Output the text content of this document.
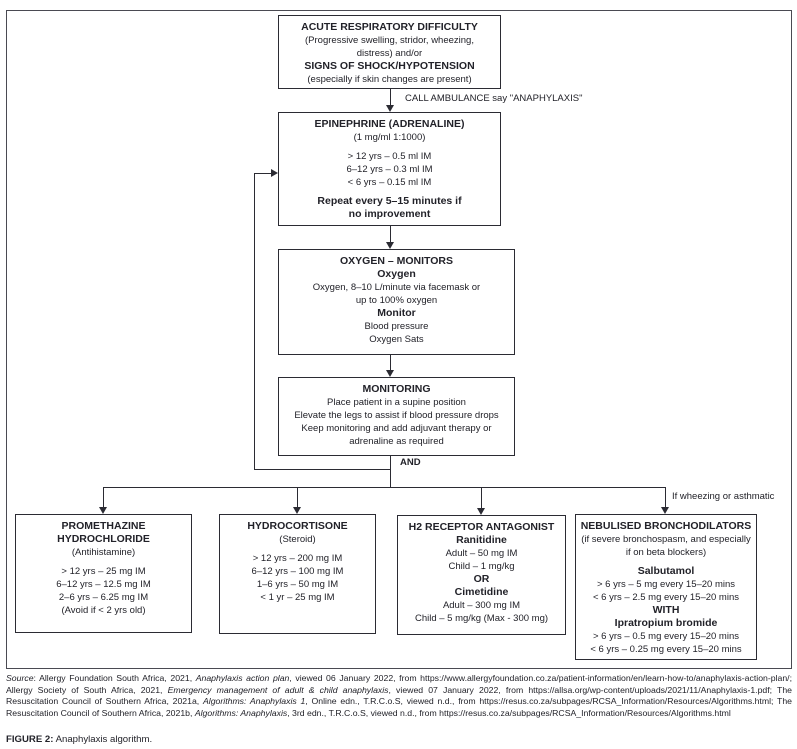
ACUTE RESPIRATORY DIFFICULTY
(Progressive swelling, stridor, wheezing,
distress) and/or
SIGNS OF SHOCK/HYPOTENSION
(especially if skin changes are present)
EPINEPHRINE (ADRENALINE)
(1 mg/ml 1:1000)
> 12 yrs – 0.5 ml IM
6–12 yrs – 0.3 ml IM
< 6 yrs – 0.15 ml IM
Repeat every 5–15 minutes if
no improvement
OXYGEN – MONITORS
Oxygen
Oxygen, 8–10 L/minute via facemask or
up to 100% oxygen
Monitor
Blood pressure
Oxygen Sats
MONITORING
Place patient in a supine position
Elevate the legs to assist if blood pressure drops
Keep monitoring and add adjuvant therapy or
adrenaline as required
PROMETHAZINE
HYDROCHLORIDE
(Antihistamine)
> 12 yrs – 25 mg IM
6–12 yrs – 12.5 mg IM
2–6 yrs – 6.25 mg IM
(Avoid if < 2 yrs old)
HYDROCORTISONE
(Steroid)
> 12 yrs – 200 mg IM
6–12 yrs – 100 mg IM
1–6 yrs – 50 mg IM
< 1 yr – 25 mg IM
H2 RECEPTOR ANTAGONIST
Ranitidine
Adult – 50 mg IM
Child – 1 mg/kg
OR
Cimetidine
Adult – 300 mg IM
Child – 5 mg/kg (Max - 300 mg)
NEBULISED BRONCHODILATORS
(if severe bronchospasm, and especially
if on beta blockers)
Salbutamol
> 6 yrs – 5 mg every 15–20 mins
< 6 yrs – 2.5 mg every 15–20 mins
WITH
Ipratropium bromide
> 6 yrs – 0.5 mg every 15–20 mins
< 6 yrs – 0.25 mg every 15–20 mins
CALL AMBULANCE say "ANAPHYLAXIS"
AND
If wheezing or asthmatic
Source: Allergy Foundation South Africa, 2021, Anaphylaxis action plan, viewed 06 January 2022, from https://www.allergyfoundation.co.za/patient-information/en/learn-how-to/anaphylaxis-action-plan/; Allergy Society of South Africa, 2021, Emergency management of adult & child anaphylaxis, viewed 07 January 2022, from https://allsa.org/wp-content/uploads/2021/11/Anaphylaxis-1.pdf; The Resuscitation Council of Southern Africa, 2021a, Algorithms: Anaphylaxis 1, Online edn., T.R.C.o.S, viewed n.d., from https://resus.co.za/subpages/RCSA_Information/Resources/Algorithms.html; The Resuscitation Council of Southern Africa, 2021b, Algorithms: Anaphylaxis, 3rd edn., T.R.C.o.S, viewed n.d., from https://resus.co.za/subpages/RCSA_Information/Resources/Algorithms.html
FIGURE 2: Anaphylaxis algorithm.
